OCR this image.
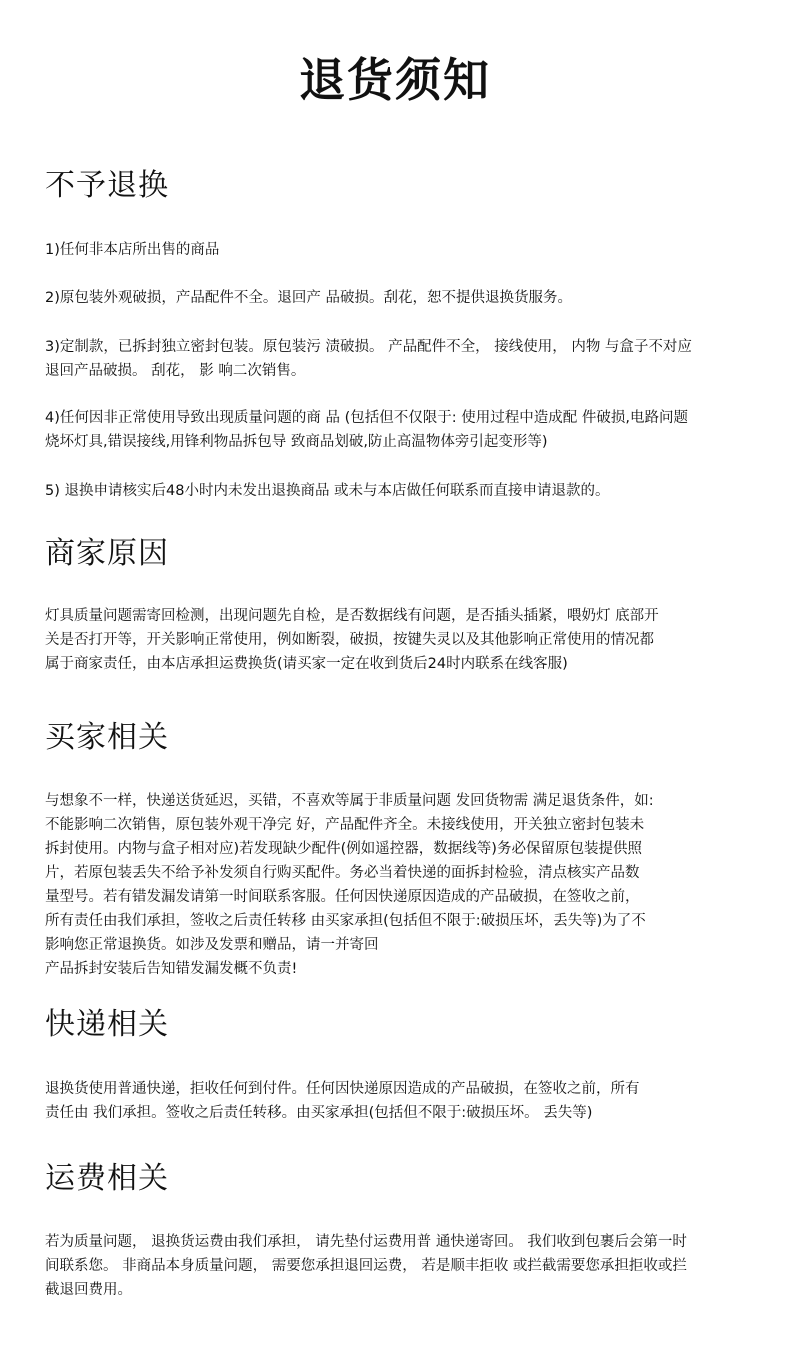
退货须知
不予退换

1)任何非本店所出售的商品

2)原包装外观破损，产品配件不全。退回产 品破损。刮花，恕不提供退换货服务。

3)定制款，已拆封独立密封包装。原包装污 渍破损。 产品配件不全， 接线使用， 内物 与盒子不对应
退回产品破损。 刮花， 影 响二次销售。

4)任何因非正常使用导致出现质量问题的商 品 (包括但不仅限于: 使用过程中造成配 件破损,电路问题
烧坏灯具,错误接线,用锋利物品拆包导 致商品划破,防止高温物体旁引起变形等)

5) 退换申请核实后48小时内未发出退换商品 或未与本店做任何联系而直接申请退款的。

商家原因

灯具质量问题需寄回检测，出现问题先自检，是否数据线有问题，是否插头插紧，喂奶灯 底部开
关是否打开等，开关影响正常使用，例如断裂，破损，按键失灵以及其他影响正常使用的情况都
属于商家责任，由本店承担运费换货(请买家一定在收到货后24时内联系在线客服)

买家相关

与想象不一样，快递送货延迟，买错，不喜欢等属于非质量问题 发回货物需 满足退货条件，如:
不能影响二次销售，原包装外观干净完 好，产品配件齐全。未接线使用，开关独立密封包装未
拆封使用。内物与盒子相对应)若发现缺少配件(例如遥控器，数据线等)务必保留原包装提供照
片，若原包装丢失不给予补发须自行购买配件。务必当着快递的面拆封检验，清点核实产品数
量型号。若有错发漏发请第一时间联系客服。任何因快递原因造成的产品破损，在签收之前，
所有责任由我们承担，签收之后责任转移 由买家承担(包括但不限于:破损压坏，丢失等)为了不
影响您正常退换货。如涉及发票和赠品，请一并寄回
产品拆封安装后告知错发漏发概不负责!

快递相关

退换货使用普通快递，拒收任何到付件。任何因快递原因造成的产品破损，在签收之前，所有
责任由 我们承担。签收之后责任转移。由买家承担(包括但不限于:破损压坏。 丢失等)

运费相关

若为质量问题， 退换货运费由我们承担， 请先垫付运费用普 通快递寄回。 我们收到包裹后会第一时
间联系您。 非商品本身质量问题， 需要您承担退回运费， 若是顺丰拒收 或拦截需要您承担拒收或拦
截退回费用。
